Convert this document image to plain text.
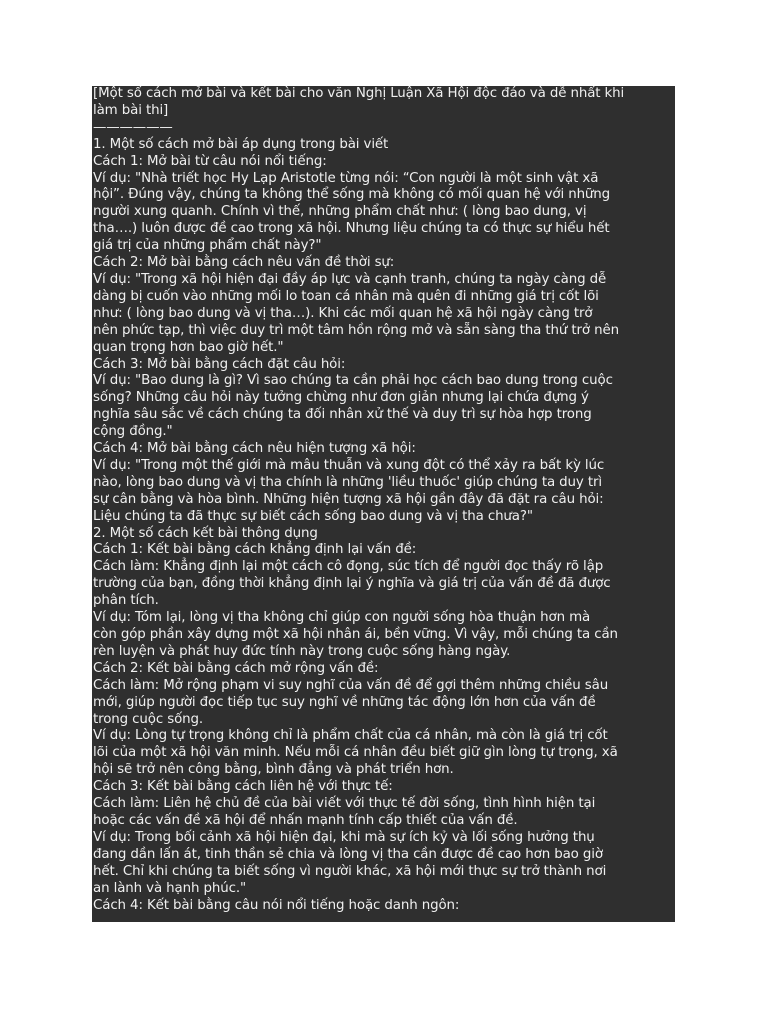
[Một số cách mở bài và kết bài cho văn Nghị Luận Xã Hội độc đáo và dễ nhất khi

làm bài thi]

——————

1. Một số cách mở bài áp dụng trong bài viết

Cách 1: Mở bài từ câu nói nổi tiếng:

Ví dụ: "Nhà triết học Hy Lạp Aristotle từng nói: “Con người là một sinh vật xã

hội”. Đúng vậy, chúng ta không thể sống mà không có mối quan hệ với những

người xung quanh. Chính vì thế, những phẩm chất như: ( lòng bao dung, vị

tha….) luôn được đề cao trong xã hội. Nhưng liệu chúng ta có thực sự hiểu hết

giá trị của những phẩm chất này?"

Cách 2: Mở bài bằng cách nêu vấn đề thời sự:

Ví dụ: "Trong xã hội hiện đại đầy áp lực và cạnh tranh, chúng ta ngày càng dễ

dàng bị cuốn vào những mối lo toan cá nhân mà quên đi những giá trị cốt lõi

như: ( lòng bao dung và vị tha…). Khi các mối quan hệ xã hội ngày càng trở

nên phức tạp, thì việc duy trì một tâm hồn rộng mở và sẵn sàng tha thứ trở nên

quan trọng hơn bao giờ hết."

Cách 3: Mở bài bằng cách đặt câu hỏi:

Ví dụ: "Bao dung là gì? Vì sao chúng ta cần phải học cách bao dung trong cuộc

sống? Những câu hỏi này tưởng chừng như đơn giản nhưng lại chứa đựng ý

nghĩa sâu sắc về cách chúng ta đối nhân xử thế và duy trì sự hòa hợp trong

cộng đồng."

Cách 4: Mở bài bằng cách nêu hiện tượng xã hội:

Ví dụ: "Trong một thế giới mà mâu thuẫn và xung đột có thể xảy ra bất kỳ lúc

nào, lòng bao dung và vị tha chính là những 'liều thuốc' giúp chúng ta duy trì

sự cân bằng và hòa bình. Những hiện tượng xã hội gần đây đã đặt ra câu hỏi:

Liệu chúng ta đã thực sự biết cách sống bao dung và vị tha chưa?"

2. Một số cách kết bài thông dụng

Cách 1: Kết bài bằng cách khẳng định lại vấn đề:

Cách làm: Khẳng định lại một cách cô đọng, súc tích để người đọc thấy rõ lập

trường của bạn, đồng thời khẳng định lại ý nghĩa và giá trị của vấn đề đã được

phân tích.

Ví dụ: Tóm lại, lòng vị tha không chỉ giúp con người sống hòa thuận hơn mà

còn góp phần xây dựng một xã hội nhân ái, bền vững. Vì vậy, mỗi chúng ta cần

rèn luyện và phát huy đức tính này trong cuộc sống hàng ngày.

Cách 2: Kết bài bằng cách mở rộng vấn đề:

Cách làm: Mở rộng phạm vi suy nghĩ của vấn đề để gợi thêm những chiều sâu

mới, giúp người đọc tiếp tục suy nghĩ về những tác động lớn hơn của vấn đề

trong cuộc sống.

Ví dụ: Lòng tự trọng không chỉ là phẩm chất của cá nhân, mà còn là giá trị cốt

lõi của một xã hội văn minh. Nếu mỗi cá nhân đều biết giữ gìn lòng tự trọng, xã

hội sẽ trở nên công bằng, bình đẳng và phát triển hơn.

Cách 3: Kết bài bằng cách liên hệ với thực tế:

Cách làm: Liên hệ chủ đề của bài viết với thực tế đời sống, tình hình hiện tại

hoặc các vấn đề xã hội để nhấn mạnh tính cấp thiết của vấn đề.

Ví dụ: Trong bối cảnh xã hội hiện đại, khi mà sự ích kỷ và lối sống hưởng thụ

đang dần lấn át, tinh thần sẻ chia và lòng vị tha cần được đề cao hơn bao giờ

hết. Chỉ khi chúng ta biết sống vì người khác, xã hội mới thực sự trở thành nơi

an lành và hạnh phúc."

Cách 4: Kết bài bằng câu nói nổi tiếng hoặc danh ngôn:
